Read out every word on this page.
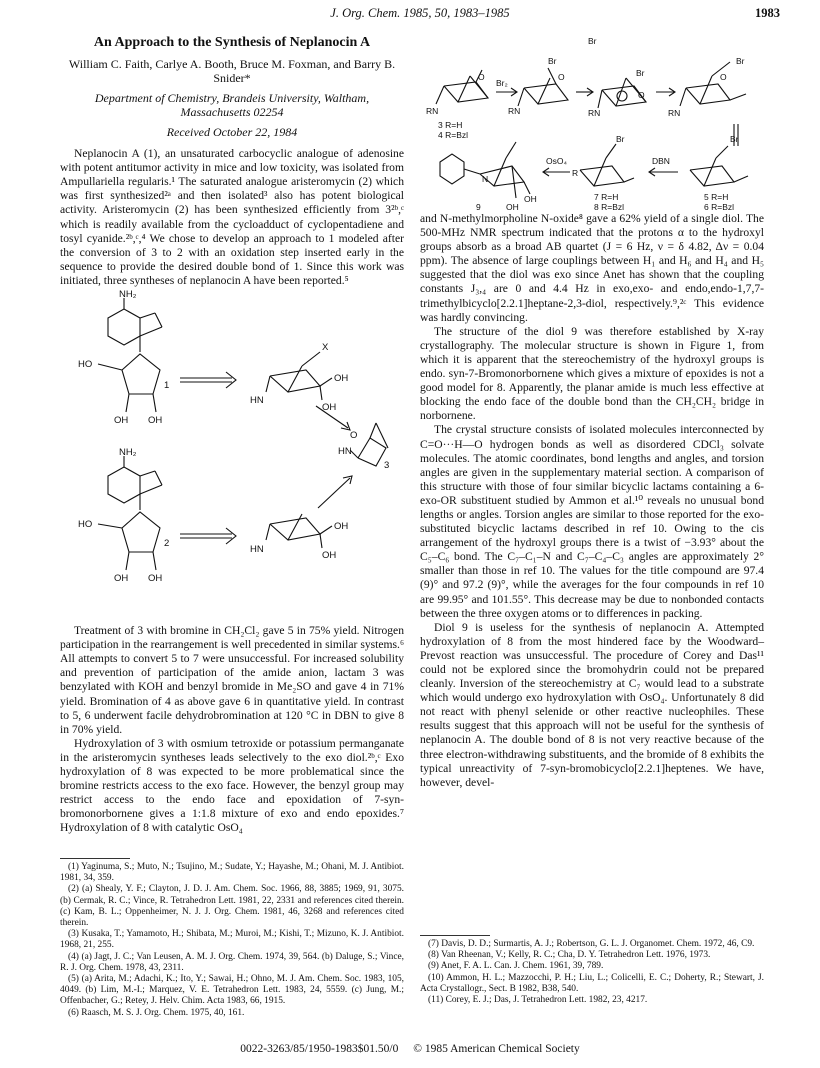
J. Org. Chem. 1985, 50, 1983–1985	1983
An Approach to the Synthesis of Neplanocin A

William C. Faith, Carlye A. Booth, Bruce M. Foxman, and Barry B. Snider*

Department of Chemistry, Brandeis University, Waltham, Massachusetts 02254

Received October 22, 1984

Neplanocin A (1), an unsaturated carbocyclic analogue of adenosine with potent antitumor activity in mice and low toxicity, was isolated from Ampullariella regularis.¹ The saturated analogue aristeromycin (2) which was first synthesized²ᵃ and then isolated³ also has potent biological activity. Aristeromycin (2) has been synthesized efficiently from 3²ᵇ,ᶜ which is readily available from the cycloadduct of cyclopentadiene and tosyl cyanide.²ᵇ,ᶜ,⁴ We chose to develop an approach to 1 modeled after the conversion of 3 to 2 with an oxidation step inserted early in the sequence to provide the desired double bond of 1. Since this work was initiated, three syntheses of neplanocin A have been reported.⁵

NH₂
HO
1
OH OH
X
OH
HN
OH
3
NH₂
HO
2
OH OH
HN
OH
OH
HN
O

Treatment of 3 with bromine in CH₂Cl₂ gave 5 in 75% yield. Nitrogen participation in the rearrangement is well precedented in similar systems.⁶ All attempts to convert 5 to 7 were unsuccessful. For increased solubility and prevention of participation of the amide anion, lactam 3 was benzylated with KOH and benzyl bromide in Me₂SO and gave 4 in 71% yield. Bromination of 4 as above gave 6 in quantitative yield. In contrast to 5, 6 underwent facile dehydrobromination at 120 °C in DBN to give 8 in 70% yield.

Hydroxylation of 3 with osmium tetroxide or potassium permanganate in the aristeromycin syntheses leads selectively to the exo diol.²ᵇ,ᶜ Exo hydroxylation of 8 was expected to be more problematical since the bromine restricts access to the exo face. However, the benzyl group may restrict access to the endo face and epoxidation of 7-syn-bromonorbornene gives a 1:1.8 mixture of exo and endo epoxides.⁷ Hydroxylation of 8 with catalytic OsO₄

(1) Yaginuma, S.; Muto, N.; Tsujino, M.; Sudate, Y.; Hayashe, M.; Ohani, M. J. Antibiot. 1981, 34, 359.

(2) (a) Shealy, Y. F.; Clayton, J. D. J. Am. Chem. Soc. 1966, 88, 3885; 1969, 91, 3075. (b) Cermak, R. C.; Vince, R. Tetrahedron Lett. 1981, 22, 2331 and references cited therein. (c) Kam, B. L.; Oppenheimer, N. J. J. Org. Chem. 1981, 46, 3268 and references cited therein.

(3) Kusaka, T.; Yamamoto, H.; Shibata, M.; Muroi, M.; Kishi, T.; Mizuno, K. J. Antibiot. 1968, 21, 255.

(4) (a) Jagt, J. C.; Van Leusen, A. M. J. Org. Chem. 1974, 39, 564. (b) Daluge, S.; Vince, R. J. Org. Chem. 1978, 43, 2311.

(5) (a) Arita, M.; Adachi, K.; Ito, Y.; Sawai, H.; Ohno, M. J. Am. Chem. Soc. 1983, 105, 4049. (b) Lim, M.-I.; Marquez, V. E. Tetrahedron Lett. 1983, 24, 5559. (c) Jung, M.; Offenbacher, G.; Retey, J. Helv. Chim. Acta 1983, 66, 1915.

(6) Raasch, M. S. J. Org. Chem. 1975, 40, 161.

Br
Br
RN
Br₂
RN	RN
Br
RN
Br
3 R=H
4 R=Bzl	Br	Br
OsO₄	DBN
OH
OH
9
7 R=H
8 R=Bzl
5 R=H
6 R=Bzl
R
N
O	O
O
O

and N-methylmorpholine N-oxide⁸ gave a 62% yield of a single diol. The 500-MHz NMR spectrum indicated that the protons α to the hydroxyl groups absorb as a broad AB quartet (J = 6 Hz, ν = δ 4.82, Δν = 0.04 ppm). The absence of large couplings between H₁ and H₆ and H₄ and H₅ suggested that the diol was exo since Anet has shown that the coupling constants J₃,₄ are 0 and 4.4 Hz in exo,exo- and endo,endo-1,7,7-trimethylbicyclo[2.2.1]heptane-2,3-diol, respectively.⁹,²ᶜ This evidence was hardly convincing.

The structure of the diol 9 was therefore established by X-ray crystallography. The molecular structure is shown in Figure 1, from which it is apparent that the stereochemistry of the hydroxyl groups is endo. syn-7-Bromonorbornene which gives a mixture of epoxides is not a good model for 8. Apparently, the planar amide is much less effective at blocking the endo face of the double bond than the CH₂CH₂ bridge in norbornene.

The crystal structure consists of isolated molecules interconnected by C=O···H—O hydrogen bonds as well as disordered CDCl₃ solvate molecules. The atomic coordinates, bond lengths and angles, and torsion angles are given in the supplementary material section. A comparison of this structure with those of four similar bicyclic lactams containing a 6-exo-OR substituent studied by Ammon et al.¹⁰ reveals no unusual bond lengths or angles. Torsion angles are similar to those reported for the exo-substituted bicyclic lactams described in ref 10. Owing to the cis arrangement of the hydroxyl groups there is a twist of −3.93° about the C₅–C₆ bond. The C₇–C₁–N and C₇–C₄–C₃ angles are approximately 2° smaller than those in ref 10. The values for the title compound are 97.4 (9)° and 97.2 (9)°, while the averages for the four compounds in ref 10 are 99.95° and 101.55°. This decrease may be due to nonbonded contacts between the three oxygen atoms or to differences in packing.

Diol 9 is useless for the synthesis of neplanocin A. Attempted hydroxylation of 8 from the most hindered face by the Woodward–Prevost reaction was unsuccessful. The procedure of Corey and Das¹¹ could not be explored since the bromohydrin could not be prepared cleanly. Inversion of the stereochemistry at C₇ would lead to a substrate which would undergo exo hydroxylation with OsO₄. Unfortunately 8 did not react with phenyl selenide or other reactive nucleophiles. These results suggest that this approach will not be useful for the synthesis of neplanocin A. The double bond of 8 is not very reactive because of the three electron-withdrawing substituents, and the bromide of 8 exhibits the typical unreactivity of 7-syn-bromobicyclo[2.2.1]heptenes. We have, however, devel-

(7) Davis, D. D.; Surmartis, A. J.; Robertson, G. L. J. Organomet. Chem. 1972, 46, C9.

(8) Van Rheenan, V.; Kelly, R. C.; Cha, D. Y. Tetrahedron Lett. 1976, 1973.

(9) Anet, F. A. L. Can. J. Chem. 1961, 39, 789.

(10) Ammon, H. L.; Mazzocchi, P. H.; Liu, L.; Colicelli, E. C.; Doherty, R.; Stewart, J. Acta Crystallogr., Sect. B 1982, B38, 540.

(11) Corey, E. J.; Das, J. Tetrahedron Lett. 1982, 23, 4217.

0022-3263/85/1950-1983$01.50/0 © 1985 American Chemical Society
